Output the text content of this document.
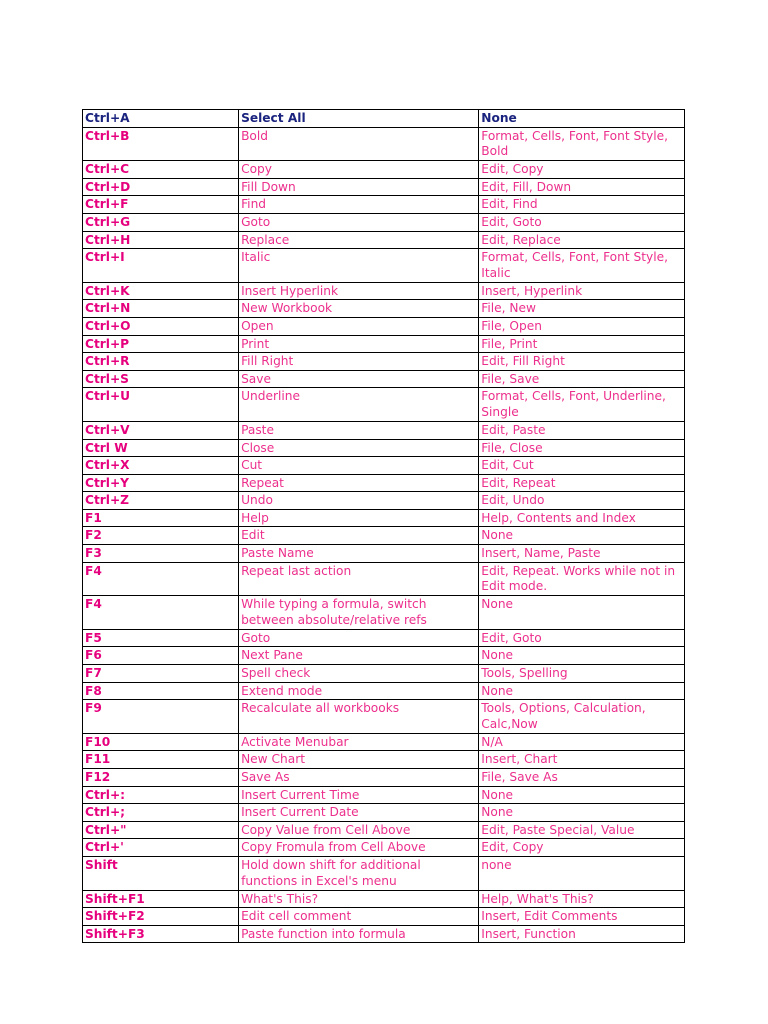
Ctrl+A	Select All	None
Ctrl+B	Bold	Format, Cells, Font, Font Style, Bold
Ctrl+C	Copy	Edit, Copy
Ctrl+D	Fill Down	Edit, Fill, Down
Ctrl+F	Find	Edit, Find
Ctrl+G	Goto	Edit, Goto
Ctrl+H	Replace	Edit, Replace
Ctrl+I	Italic	Format, Cells, Font, Font Style, Italic
Ctrl+K	Insert Hyperlink	Insert, Hyperlink
Ctrl+N	New Workbook	File, New
Ctrl+O	Open	File, Open
Ctrl+P	Print	File, Print
Ctrl+R	Fill Right	Edit, Fill Right
Ctrl+S	Save	File, Save
Ctrl+U	Underline	Format, Cells, Font, Underline, Single
Ctrl+V	Paste	Edit, Paste
Ctrl W	Close	File, Close
Ctrl+X	Cut	Edit, Cut
Ctrl+Y	Repeat	Edit, Repeat
Ctrl+Z	Undo	Edit, Undo
F1	Help	Help, Contents and Index
F2	Edit	None
F3	Paste Name	Insert, Name, Paste
F4	Repeat last action	Edit, Repeat. Works while not in Edit mode.
F4	While typing a formula, switch between absolute/relative refs	None
F5	Goto	Edit, Goto
F6	Next Pane	None
F7	Spell check	Tools, Spelling
F8	Extend mode	None
F9	Recalculate all workbooks	Tools, Options, Calculation, Calc,Now
F10	Activate Menubar	N/A
F11	New Chart	Insert, Chart
F12	Save As	File, Save As
Ctrl+:	Insert Current Time	None
Ctrl+;	Insert Current Date	None
Ctrl+"	Copy Value from Cell Above	Edit, Paste Special, Value
Ctrl+'	Copy Fromula from Cell Above	Edit, Copy
Shift	Hold down shift for additional functions in Excel's menu	none
Shift+F1	What's This?	Help, What's This?
Shift+F2	Edit cell comment	Insert, Edit Comments
Shift+F3	Paste function into formula	Insert, Function
